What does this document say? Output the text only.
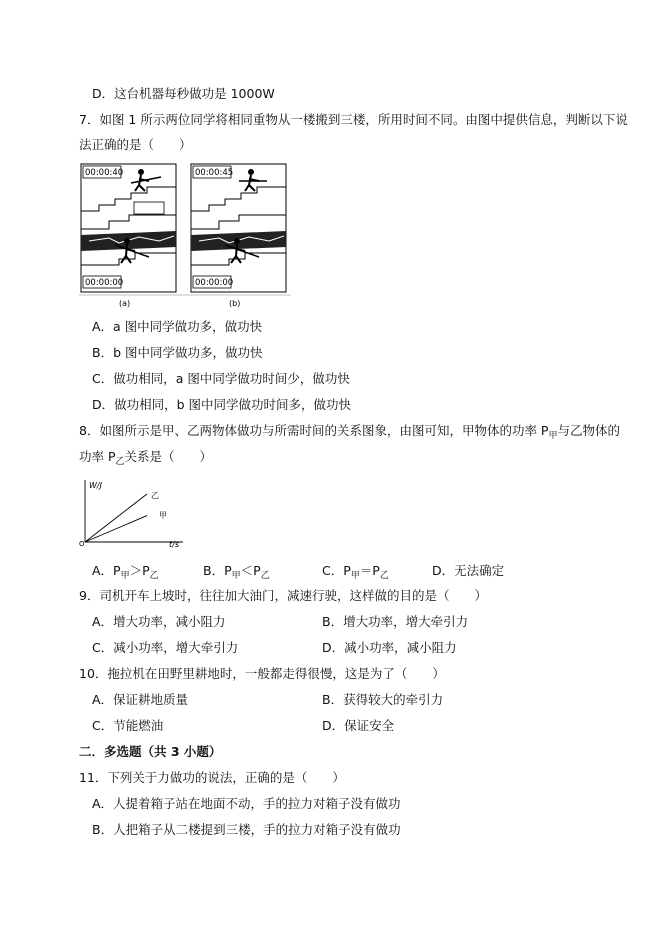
D．这台机器每秒做功是 1000W
7．如图 1 所示两位同学将相同重物从一楼搬到三楼，所用时间不同。由图中提供信息，判断以下说
法正确的是（　　）
00:00:40
00:00:00
(a)
00:00:45
00:00:00
(b)
A．a 图中同学做功多，做功快
B．b 图中同学做功多，做功快
C．做功相同，a 图中同学做功时间少，做功快
D．做功相同，b 图中同学做功时间多，做功快
8．如图所示是甲、乙两物体做功与所需时间的关系图象，由图可知，甲物体的功率 $P_甲$与乙物体的
功率 $P_乙$关系是（　　）
W/J
t/s
O
乙
甲
A．$P_甲>P_乙$	B．$P_甲<P_乙$	C．$P_甲=P_乙$	D．无法确定
9．司机开车上坡时，往往加大油门，减速行驶，这样做的目的是（　　）
A．增大功率，减小阻力	B．增大功率，增大牵引力
C．减小功率，增大牵引力	D．减小功率，减小阻力
10．拖拉机在田野里耕地时，一般都走得很慢，这是为了（　　）
A．保证耕地质量	B．获得较大的牵引力
C．节能燃油	D．保证安全
二．多选题（共 3 小题）
11．下列关于力做功的说法，正确的是（　　）
A．人提着箱子站在地面不动，手的拉力对箱子没有做功
B．人把箱子从二楼提到三楼，手的拉力对箱子没有做功
